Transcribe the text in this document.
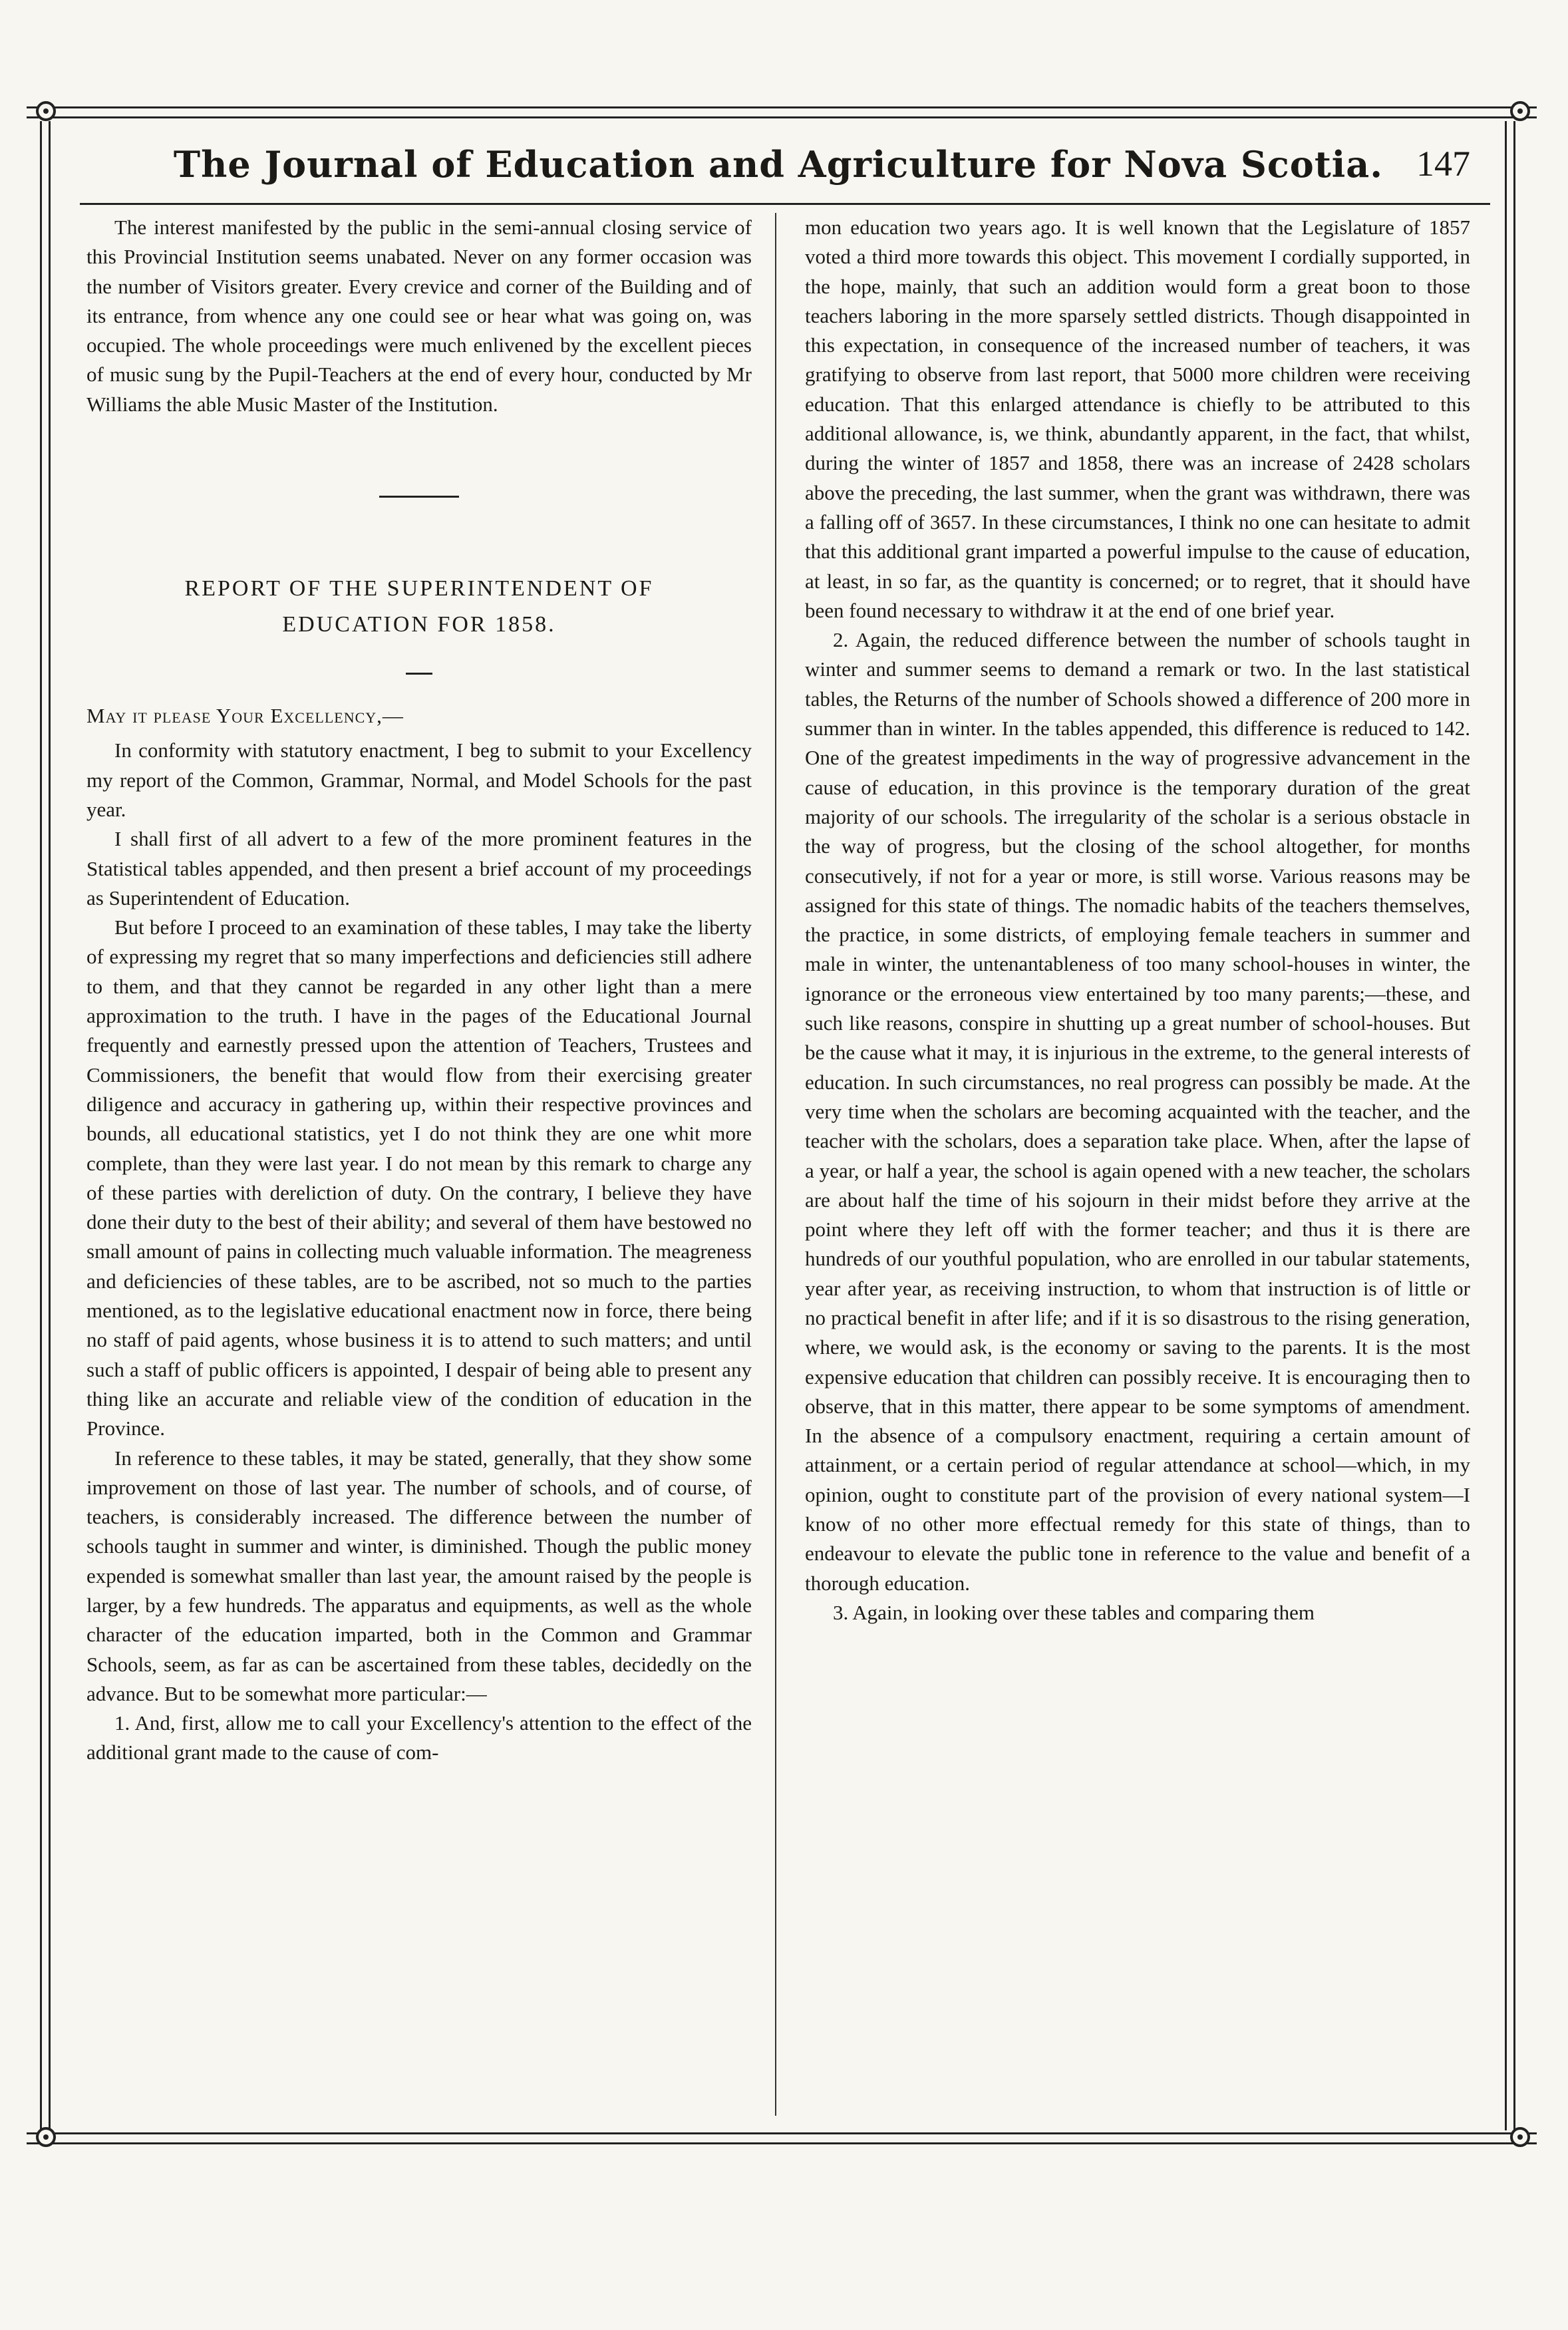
The Journal of Education and Agriculture for Nova Scotia. 147

The interest manifested by the public in the semi-annual closing service of this Provincial Institution seems unabated. Never on any former occasion was the number of Visitors greater. Every crevice and corner of the Building and of its entrance, from whence any one could see or hear what was going on, was occupied. The whole proceedings were much enlivened by the excellent pieces of music sung by the Pupil-Teachers at the end of every hour, conducted by Mr Williams the able Music Master of the Institution.

REPORT OF THE SUPERINTENDENT OF
EDUCATION FOR 1858.

May it please Your Excellency,—

In conformity with statutory enactment, I beg to submit to your Excellency my report of the Common, Grammar, Normal, and Model Schools for the past year.

I shall first of all advert to a few of the more prominent features in the Statistical tables appended, and then present a brief account of my proceedings as Superintendent of Education.

But before I proceed to an examination of these tables, I may take the liberty of expressing my regret that so many imperfections and deficiencies still adhere to them, and that they cannot be regarded in any other light than a mere approximation to the truth. I have in the pages of the Educational Journal frequently and earnestly pressed upon the attention of Teachers, Trustees and Commissioners, the benefit that would flow from their exercising greater diligence and accuracy in gathering up, within their respective provinces and bounds, all educational statistics, yet I do not think they are one whit more complete, than they were last year. I do not mean by this remark to charge any of these parties with dereliction of duty. On the contrary, I believe they have done their duty to the best of their ability; and several of them have bestowed no small amount of pains in collecting much valuable information. The meagreness and deficiencies of these tables, are to be ascribed, not so much to the parties mentioned, as to the legislative educational enactment now in force, there being no staff of paid agents, whose business it is to attend to such matters; and until such a staff of public officers is appointed, I despair of being able to present any thing like an accurate and reliable view of the condition of education in the Province.

In reference to these tables, it may be stated, generally, that they show some improvement on those of last year. The number of schools, and of course, of teachers, is considerably increased. The difference between the number of schools taught in summer and winter, is diminished. Though the public money expended is somewhat smaller than last year, the amount raised by the people is larger, by a few hundreds. The apparatus and equipments, as well as the whole character of the education imparted, both in the Common and Grammar Schools, seem, as far as can be ascertained from these tables, decidedly on the advance. But to be somewhat more particular:—

1. And, first, allow me to call your Excellency's attention to the effect of the additional grant made to the cause of com-

mon education two years ago. It is well known that the Legislature of 1857 voted a third more towards this object. This movement I cordially supported, in the hope, mainly, that such an addition would form a great boon to those teachers laboring in the more sparsely settled districts. Though disappointed in this expectation, in consequence of the increased number of teachers, it was gratifying to observe from last report, that 5000 more children were receiving education. That this enlarged attendance is chiefly to be attributed to this additional allowance, is, we think, abundantly apparent, in the fact, that whilst, during the winter of 1857 and 1858, there was an increase of 2428 scholars above the preceding, the last summer, when the grant was withdrawn, there was a falling off of 3657. In these circumstances, I think no one can hesitate to admit that this additional grant imparted a powerful impulse to the cause of education, at least, in so far, as the quantity is concerned; or to regret, that it should have been found necessary to withdraw it at the end of one brief year.

2. Again, the reduced difference between the number of schools taught in winter and summer seems to demand a remark or two. In the last statistical tables, the Returns of the number of Schools showed a difference of 200 more in summer than in winter. In the tables appended, this difference is reduced to 142. One of the greatest impediments in the way of progressive advancement in the cause of education, in this province is the temporary duration of the great majority of our schools. The irregularity of the scholar is a serious obstacle in the way of progress, but the closing of the school altogether, for months consecutively, if not for a year or more, is still worse. Various reasons may be assigned for this state of things. The nomadic habits of the teachers themselves, the practice, in some districts, of employing female teachers in summer and male in winter, the untenantableness of too many school-houses in winter, the ignorance or the erroneous view entertained by too many parents;—these, and such like reasons, conspire in shutting up a great number of school-houses. But be the cause what it may, it is injurious in the extreme, to the general interests of education. In such circumstances, no real progress can possibly be made. At the very time when the scholars are becoming acquainted with the teacher, and the teacher with the scholars, does a separation take place. When, after the lapse of a year, or half a year, the school is again opened with a new teacher, the scholars are about half the time of his sojourn in their midst before they arrive at the point where they left off with the former teacher; and thus it is there are hundreds of our youthful population, who are enrolled in our tabular statements, year after year, as receiving instruction, to whom that instruction is of little or no practical benefit in after life; and if it is so disastrous to the rising generation, where, we would ask, is the economy or saving to the parents. It is the most expensive education that children can possibly receive. It is encouraging then to observe, that in this matter, there appear to be some symptoms of amendment. In the absence of a compulsory enactment, requiring a certain amount of attainment, or a certain period of regular attendance at school—which, in my opinion, ought to constitute part of the provision of every national system—I know of no other more effectual remedy for this state of things, than to endeavour to elevate the public tone in reference to the value and benefit of a thorough education.

3. Again, in looking over these tables and comparing them
